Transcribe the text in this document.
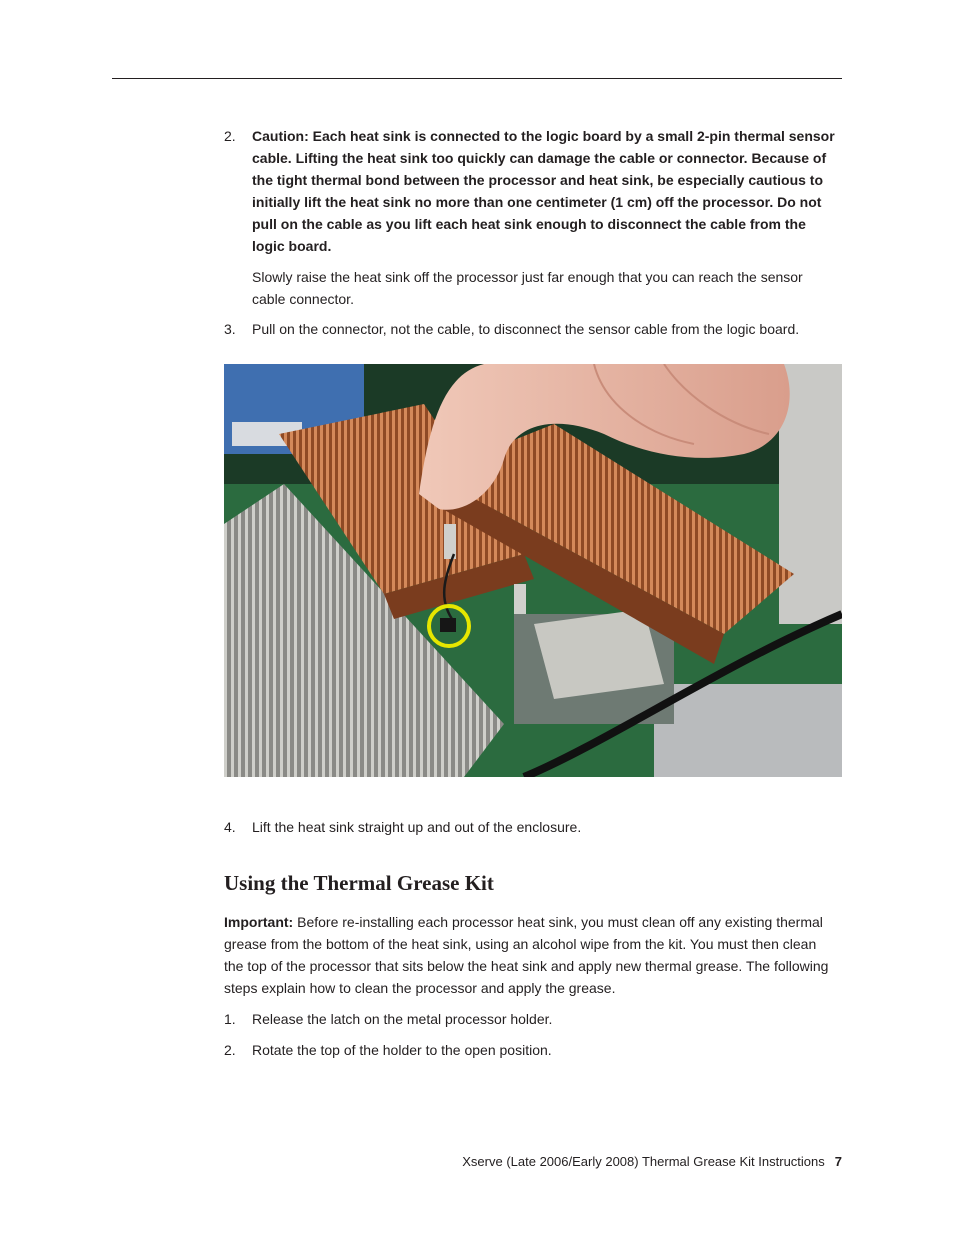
2.	Caution: Each heat sink is connected to the logic board by a small 2-pin thermal sensor cable. Lifting the heat sink too quickly can damage the cable or connector. Because of the tight thermal bond between the processor and heat sink, be especially cautious to initially lift the heat sink no more than one centimeter (1 cm) off the processor. Do not pull on the cable as you lift each heat sink enough to disconnect the cable from the logic board.
Slowly raise the heat sink off the processor just far enough that you can reach the sensor cable connector.
3.	Pull on the connector, not the cable, to disconnect the sensor cable from the logic board.
4.	Lift the heat sink straight up and out of the enclosure.
Using the Thermal Grease Kit
Important: Before re-installing each processor heat sink, you must clean off any existing thermal grease from the bottom of the heat sink, using an alcohol wipe from the kit. You must then clean the top of the processor that sits below the heat sink and apply new thermal grease. The following steps explain how to clean the processor and apply the grease.
1.	Release the latch on the metal processor holder.
2.	Rotate the top of the holder to the open position.
Xserve (Late 2006/Early 2008) Thermal Grease Kit Instructions 7
